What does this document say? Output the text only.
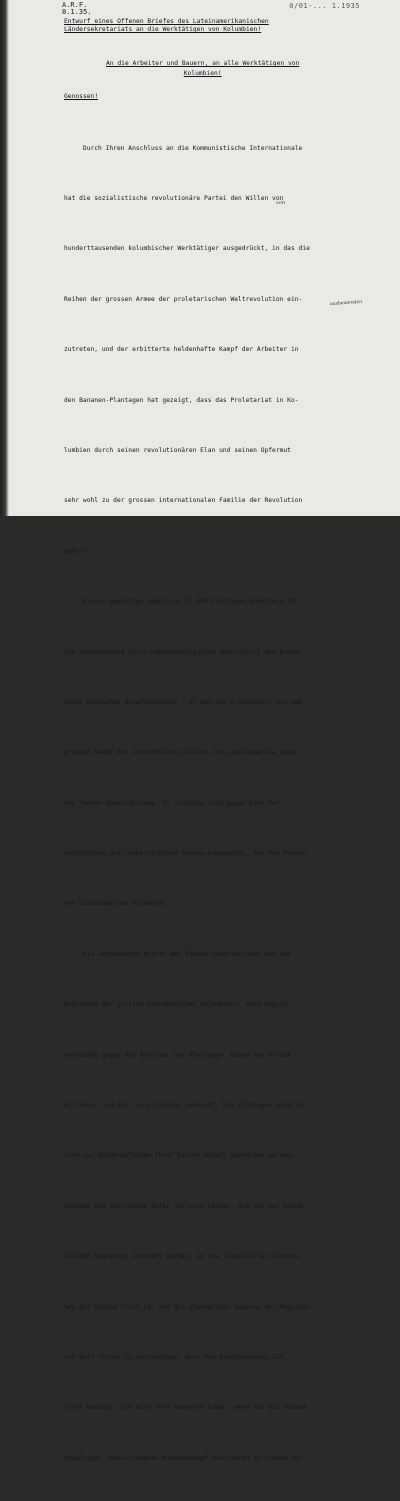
A.R.F.
8.1.35.
0/01-... 1.1935
Entwurf eines Offenen Briefes des Lateinamerikanischen
Ländersekretariats an die Werktätigen von Kolumbien!
An die Arbeiter und Bauern, an alle Werktätigen von
Kolumbien!
Genossen!

Durch Ihren Anschluss an die Kommunistische Internationale

hat die sozialistische revolutionäre Partei den Willen von

hunderttausenden kolumbischer Werktätiger ausgedrückt, in das die

Reihen der grossen Armee der proletarischen Weltrevolution ein-

zutreten, und der erbitterte heldenhafte Kampf der Arbeiter in

den Bananen-Plantagen hat gezeigt, dass das Proletariat in Ko-

lumbien durch seinen revolutionären Elan und seinen Opfermut

sehr wohl zu der grossen internationalen Familie der Revolution

gehört.

Dieser gewaltige Kampf von 32.000 Plantagen-Arbeitern für

die Verbesserung ihrer Lebensbedingungen überschritt den Rahmen

eines einfachen Bergfiestreiks - er war ein A-usschnitt aus dem

grossen Kampf der unterdrückten Völker von Lateinamerika gegen

den Yankee-Imperialismus. Er richtete sich gegen eine der

mächtigsten und räuberischsten Yankee-Kompagnien, die die Massen

von Lateinamerika ausbeutet.

Die verbündeten Kräfte des Yankee-Imperialismus und der

Regierung der grossen Grundbesitzer Kolumbiens, aufs engste

verbündet gegen die Arbeiter der Plantagen, haben den Streik

mit Feuer und Blut zu ersticken vermocht. Die Plantagen-Arbeiter

sind zur Wiederaufnahme ihrer harten Arbeit gezwungen worden,

nachdem sie zahlreiche Opfer verloren hatten, die von der kolum-

bischen Regierung ermordet wurden, um die finanziellen Interes-

sen der United Fruit Co. und die skandalösen Gewinne der Magnaten

von Wall Street zu verteidigen. Aber die Arbeitermasse ist

nicht besiegt, sie wird ihre Revanche haben, wenn sie aus diesem

gewaltigen revolutionären Klassenkampf die Lehren zu ziehen ver-

von
ausbeutenden
